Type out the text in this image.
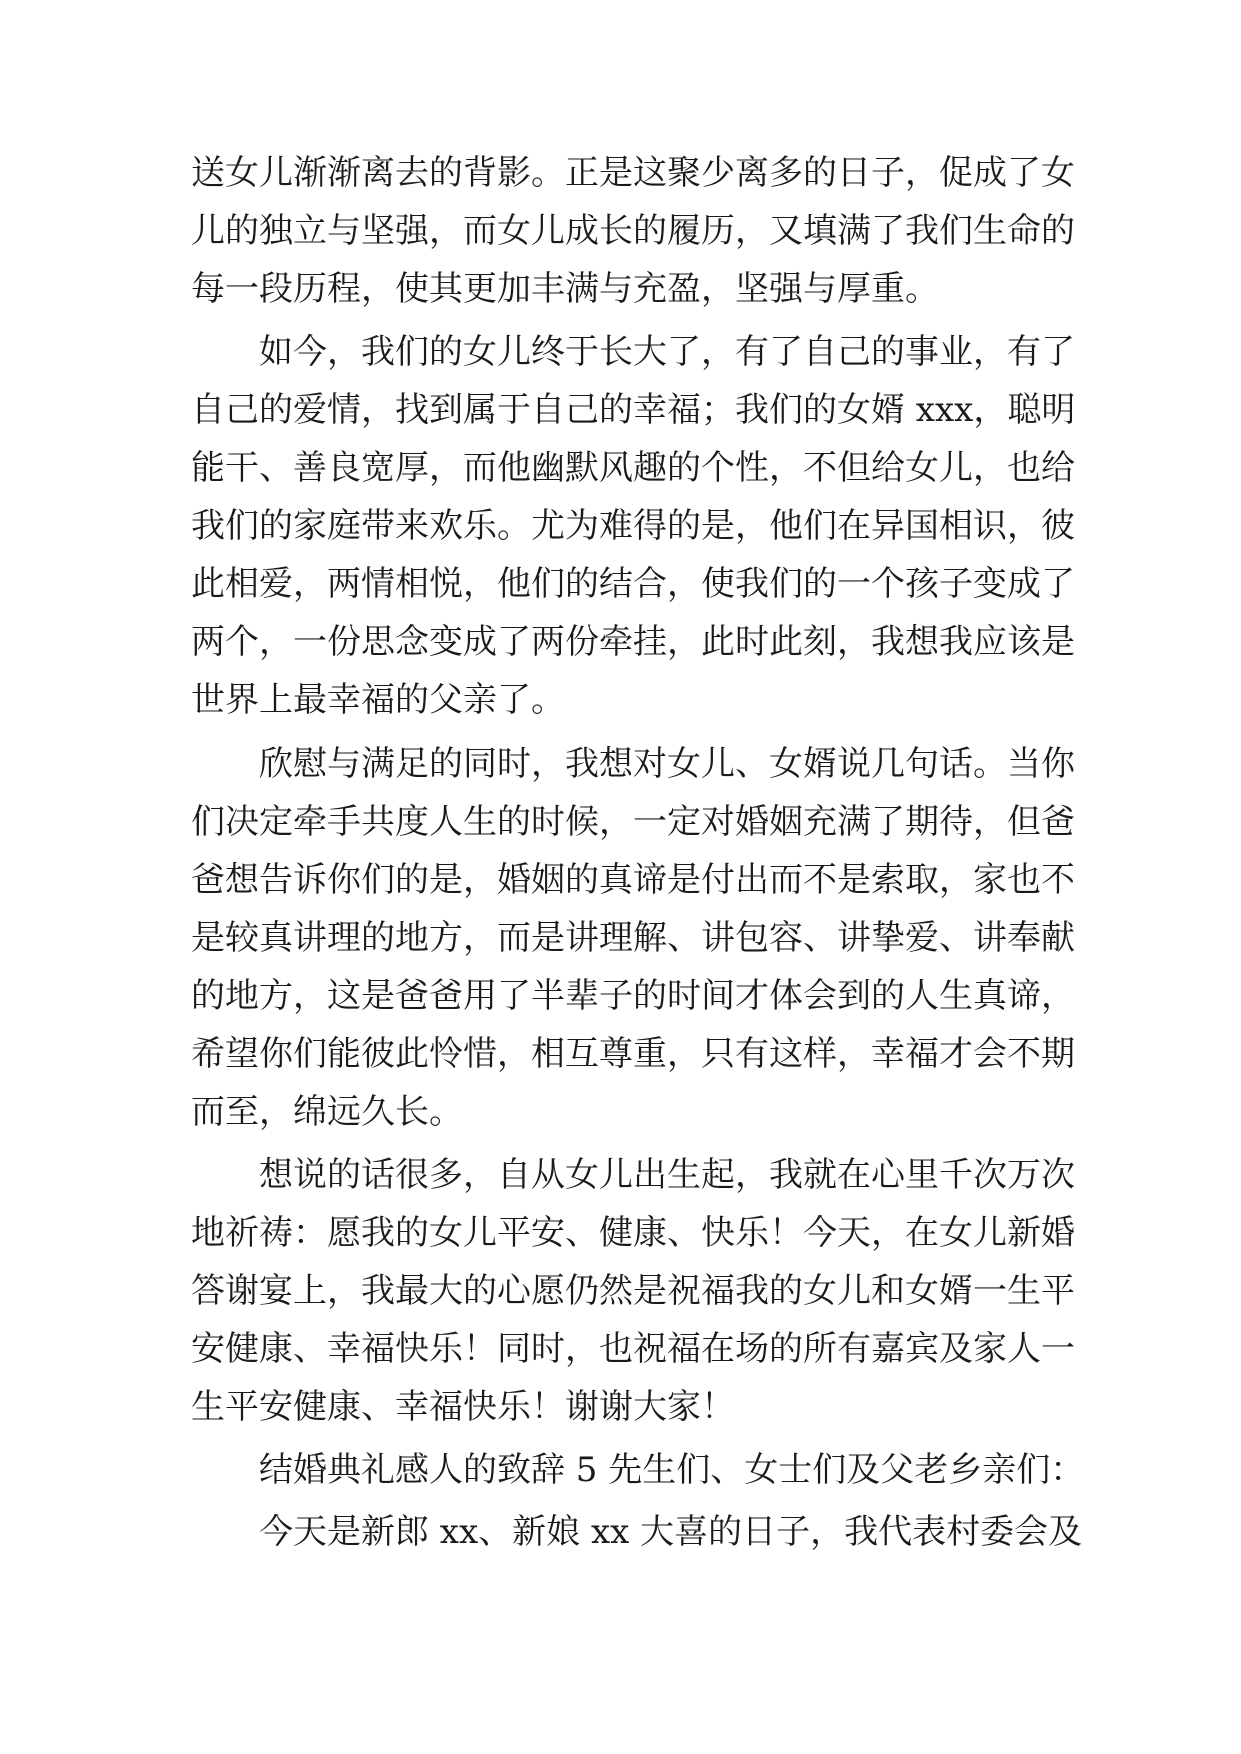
送女儿渐渐离去的背影。正是这聚少离多的日子，促成了女
儿的独立与坚强，而女儿成长的履历，又填满了我们生命的
每一段历程，使其更加丰满与充盈，坚强与厚重。
如今，我们的女儿终于长大了，有了自己的事业，有了
自己的爱情，找到属于自己的幸福；我们的女婿 xxx，聪明
能干、善良宽厚，而他幽默风趣的个性，不但给女儿，也给
我们的家庭带来欢乐。尤为难得的是，他们在异国相识，彼
此相爱，两情相悦，他们的结合，使我们的一个孩子变成了
两个，一份思念变成了两份牵挂，此时此刻，我想我应该是
世界上最幸福的父亲了。
欣慰与满足的同时，我想对女儿、女婿说几句话。当你
们决定牵手共度人生的时候，一定对婚姻充满了期待，但爸
爸想告诉你们的是，婚姻的真谛是付出而不是索取，家也不
是较真讲理的地方，而是讲理解、讲包容、讲挚爱、讲奉献
的地方，这是爸爸用了半辈子的时间才体会到的人生真谛，
希望你们能彼此怜惜，相互尊重，只有这样，幸福才会不期
而至，绵远久长。
想说的话很多，自从女儿出生起，我就在心里千次万次
地祈祷：愿我的女儿平安、健康、快乐！今天，在女儿新婚
答谢宴上，我最大的心愿仍然是祝福我的女儿和女婿一生平
安健康、幸福快乐！同时，也祝福在场的所有嘉宾及家人一
生平安健康、幸福快乐！谢谢大家！
结婚典礼感人的致辞 5 先生们、女士们及父老乡亲们：
今天是新郎 xx、新娘 xx 大喜的日子，我代表村委会及
